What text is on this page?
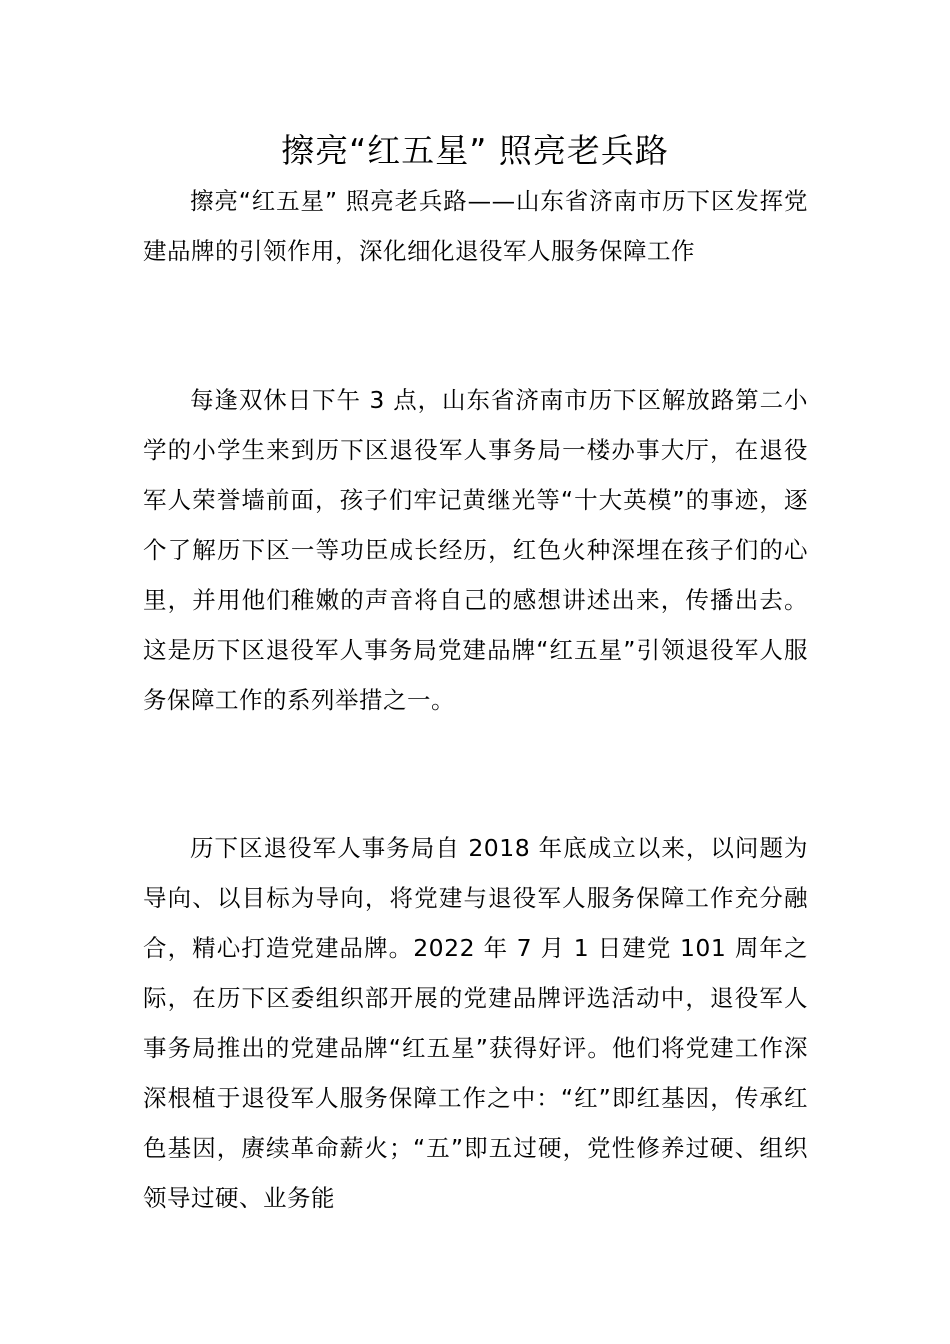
擦亮“红五星” 照亮老兵路

擦亮“红五星” 照亮老兵路——山东省济南市历下区发挥党建品牌的引领作用，深化细化退役军人服务保障工作

每逢双休日下午 3 点，山东省济南市历下区解放路第二小学的小学生来到历下区退役军人事务局一楼办事大厅，在退役军人荣誉墙前面，孩子们牢记黄继光等“十大英模”的事迹，逐个了解历下区一等功臣成长经历，红色火种深埋在孩子们的心里，并用他们稚嫩的声音将自己的感想讲述出来，传播出去。这是历下区退役军人事务局党建品牌“红五星”引领退役军人服务保障工作的系列举措之一。

历下区退役军人事务局自 2018 年底成立以来，以问题为导向、以目标为导向，将党建与退役军人服务保障工作充分融合，精心打造党建品牌。2022 年 7 月 1 日建党 101 周年之际，在历下区委组织部开展的党建品牌评选活动中，退役军人事务局推出的党建品牌“红五星”获得好评。他们将党建工作深深根植于退役军人服务保障工作之中：“红”即红基因，传承红色基因，赓续革命薪火；“五”即五过硬，党性修养过硬、组织领导过硬、业务能
